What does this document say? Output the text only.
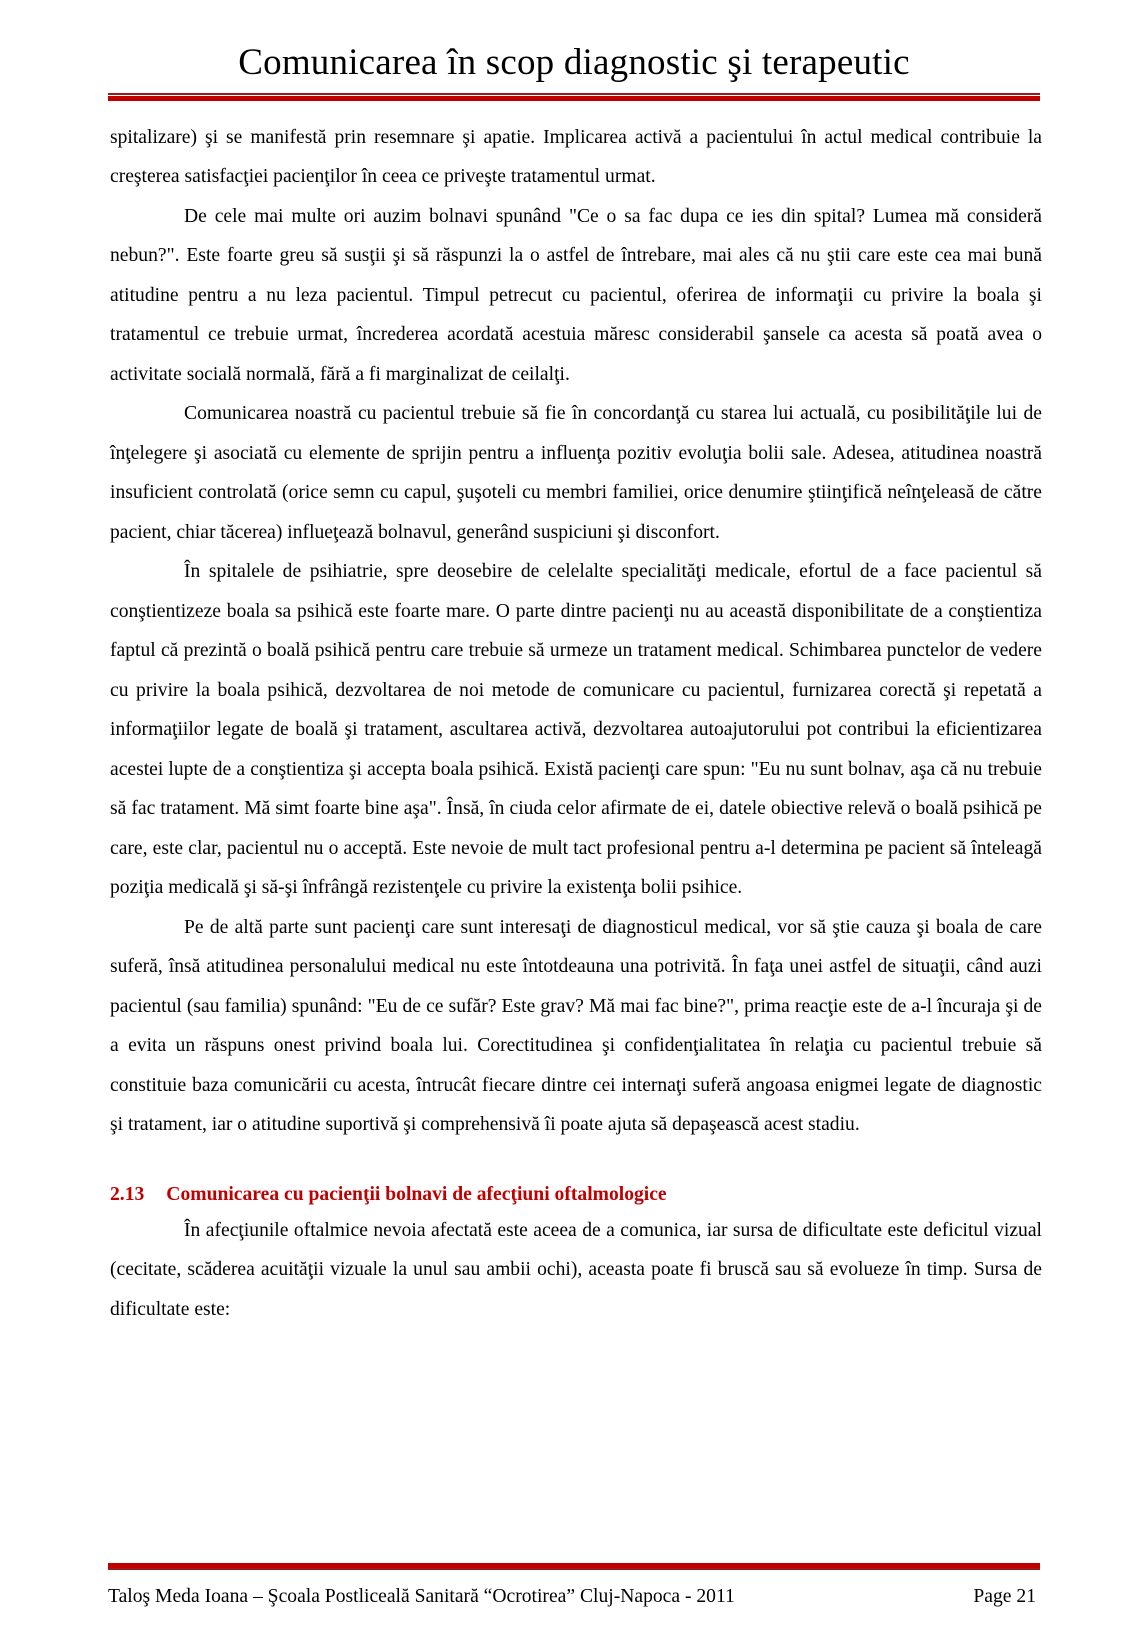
Comunicarea în scop diagnostic şi terapeutic

spitalizare) şi se manifestă prin resemnare şi apatie. Implicarea activă a pacientului în actul medical contribuie la creşterea satisfacţiei pacienţilor în ceea ce priveşte tratamentul urmat.

De cele mai multe ori auzim bolnavi spunând "Ce o sa fac dupa ce ies din spital? Lumea mă consideră nebun?". Este foarte greu să susţii şi să răspunzi la o astfel de întrebare, mai ales că nu ştii care este cea mai bună atitudine pentru a nu leza pacientul. Timpul petrecut cu pacientul, oferirea de informaţii cu privire la boala şi tratamentul ce trebuie urmat, încrederea acordată acestuia măresc considerabil şansele ca acesta să poată avea o activitate socială normală, fără a fi marginalizat de ceilalţi.

Comunicarea noastră cu pacientul trebuie să fie în concordanţă cu starea lui actuală, cu posibilităţile lui de înţelegere şi asociată cu elemente de sprijin pentru a influenţa pozitiv evoluţia bolii sale. Adesea, atitudinea noastră insuficient controlată (orice semn cu capul, şuşoteli cu membri familiei, orice denumire ştiinţifică neînţeleasă de către pacient, chiar tăcerea) influeţează bolnavul, generând suspiciuni şi disconfort.

În spitalele de psihiatrie, spre deosebire de celelalte specialităţi medicale, efortul de a face pacientul să conştientizeze boala sa psihică este foarte mare. O parte dintre pacienţi nu au această disponibilitate de a conştientiza faptul că prezintă o boală psihică pentru care trebuie să urmeze un tratament medical. Schimbarea punctelor de vedere cu privire la boala psihică, dezvoltarea de noi metode de comunicare cu pacientul, furnizarea corectă şi repetată a informaţiilor legate de boală şi tratament, ascultarea activă, dezvoltarea autoajutorului pot contribui la eficientizarea acestei lupte de a conştientiza şi accepta boala psihică. Există pacienţi care spun: "Eu nu sunt bolnav, aşa că nu trebuie să fac tratament. Mă simt foarte bine aşa". Însă, în ciuda celor afirmate de ei, datele obiective relevă o boală psihică pe care, este clar, pacientul nu o acceptă. Este nevoie de mult tact profesional pentru a-l determina pe pacient să înteleagă poziţia medicală şi să-şi înfrângă rezistenţele cu privire la existenţa bolii psihice.

Pe de altă parte sunt pacienţi care sunt interesaţi de diagnosticul medical, vor să ştie cauza şi boala de care suferă, însă atitudinea personalului medical nu este întotdeauna una potrivită. În faţa unei astfel de situaţii, când auzi pacientul (sau familia) spunând: "Eu de ce sufăr? Este grav? Mă mai fac bine?", prima reacţie este de a-l încuraja şi de a evita un răspuns onest privind boala lui. Corectitudinea şi confidenţialitatea în relaţia cu pacientul trebuie să constituie baza comunicării cu acesta, întrucât fiecare dintre cei internaţi suferă angoasa enigmei legate de diagnostic şi tratament, iar o atitudine suportivă şi comprehensivă îi poate ajuta să depaşească acest stadiu.

2.13 Comunicarea cu pacienţii bolnavi de afecţiuni oftalmologice

În afecţiunile oftalmice nevoia afectată este aceea de a comunica, iar sursa de dificultate este deficitul vizual (cecitate, scăderea acuităţii vizuale la unul sau ambii ochi), aceasta poate fi bruscă sau să evolueze în timp. Sursa de dificultate este:

Taloş Meda Ioana – Şcoala Postliceală Sanitară “Ocrotirea” Cluj-Napoca - 2011	Page 21
